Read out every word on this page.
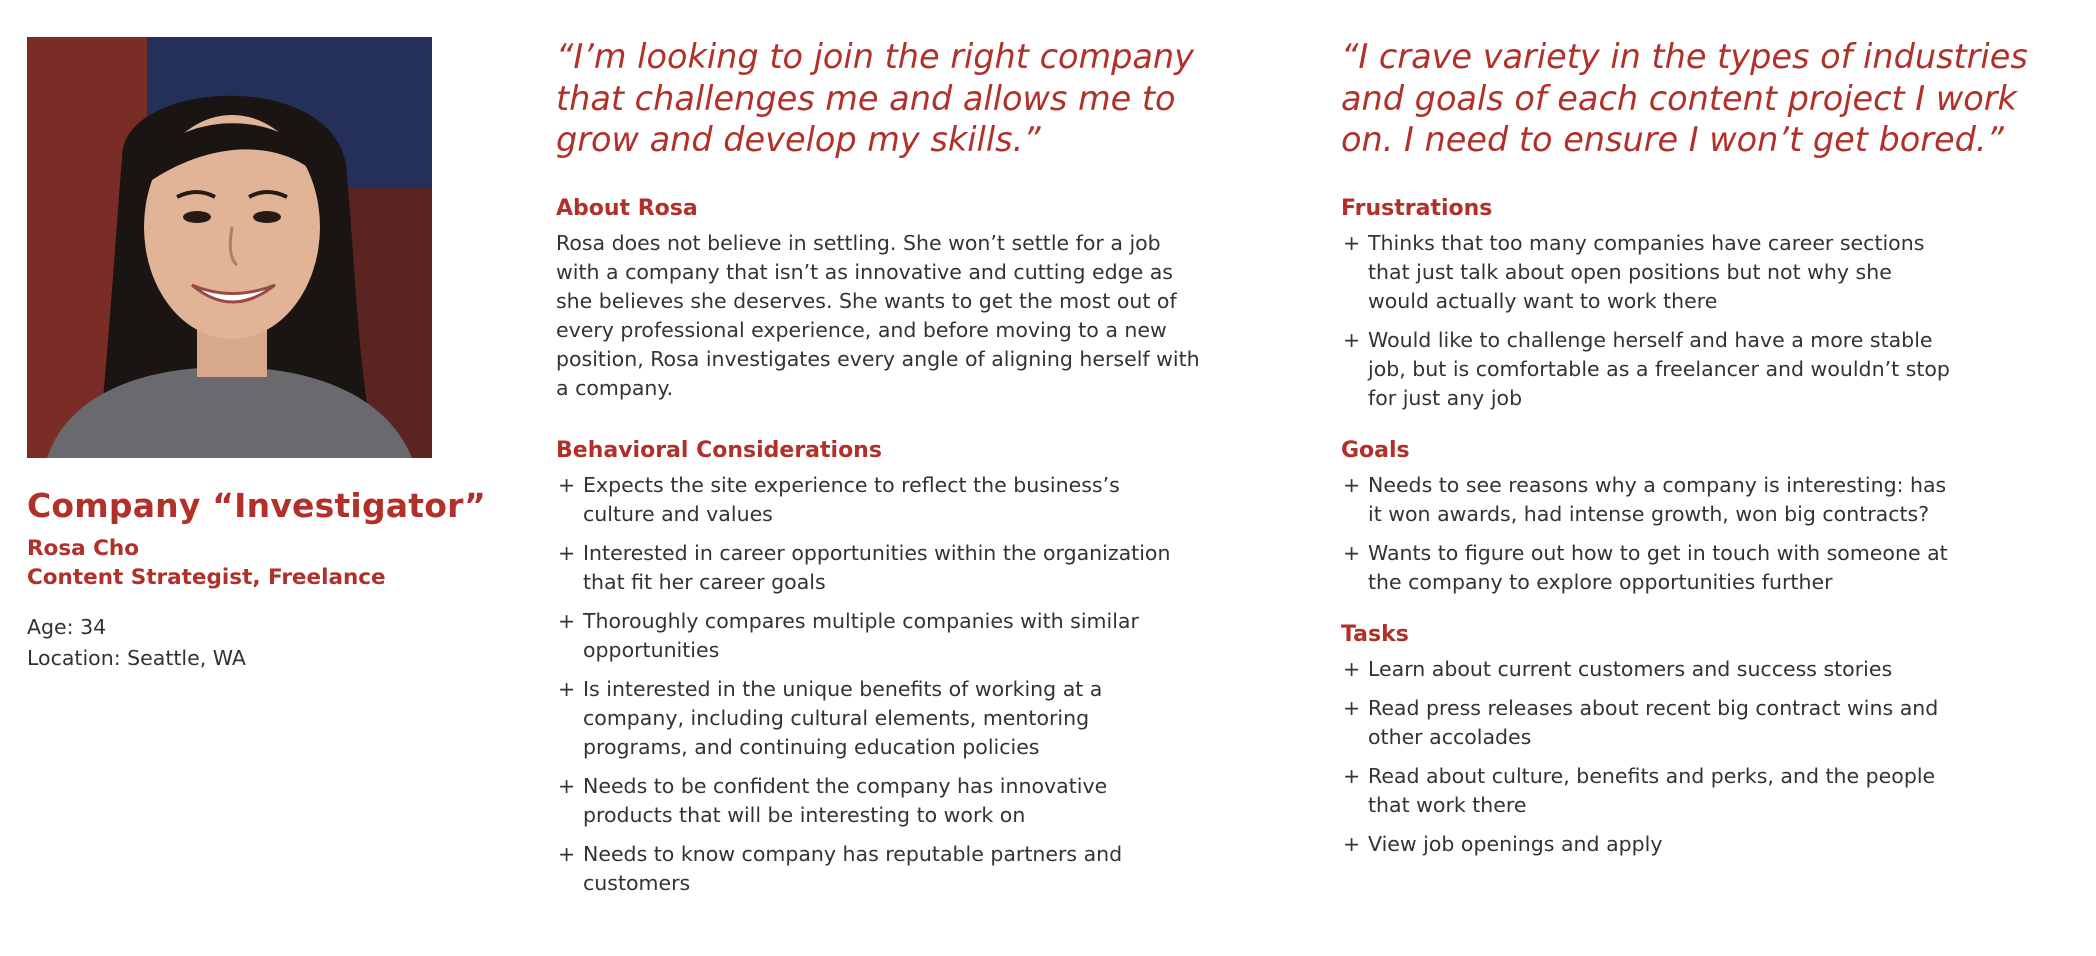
Company “Investigator”
Rosa Cho
Content Strategist, Freelance
Age: 34
Location: Seattle, WA

“I’m looking to join the right company
that challenges me and allows me to
grow and develop my skills.”

About Rosa

Rosa does not believe in settling. She won’t settle for a job
with a company that isn’t as innovative and cutting edge as
she believes she deserves. She wants to get the most out of
every professional experience, and before moving to a new
position, Rosa investigates every angle of aligning herself with
a company.

Behavioral Considerations
+ Expects the site experience to reflect the business’s
culture and values
+ Interested in career opportunities within the organization
that fit her career goals
+ Thoroughly compares multiple companies with similar
opportunities
+ Is interested in the unique benefits of working at a
company, including cultural elements, mentoring
programs, and continuing education policies
+ Needs to be confident the company has innovative
products that will be interesting to work on
+ Needs to know company has reputable partners and
customers

“I crave variety in the types of industries
and goals of each content project I work
on. I need to ensure I won’t get bored.”

Frustrations
+ Thinks that too many companies have career sections
that just talk about open positions but not why she
would actually want to work there
+ Would like to challenge herself and have a more stable
job, but is comfortable as a freelancer and wouldn’t stop
for just any job
Goals
+ Needs to see reasons why a company is interesting: has
it won awards, had intense growth, won big contracts?
+ Wants to figure out how to get in touch with someone at
the company to explore opportunities further
Tasks
+ Learn about current customers and success stories
+ Read press releases about recent big contract wins and
other accolades
+ Read about culture, benefits and perks, and the people
that work there
+ View job openings and apply
